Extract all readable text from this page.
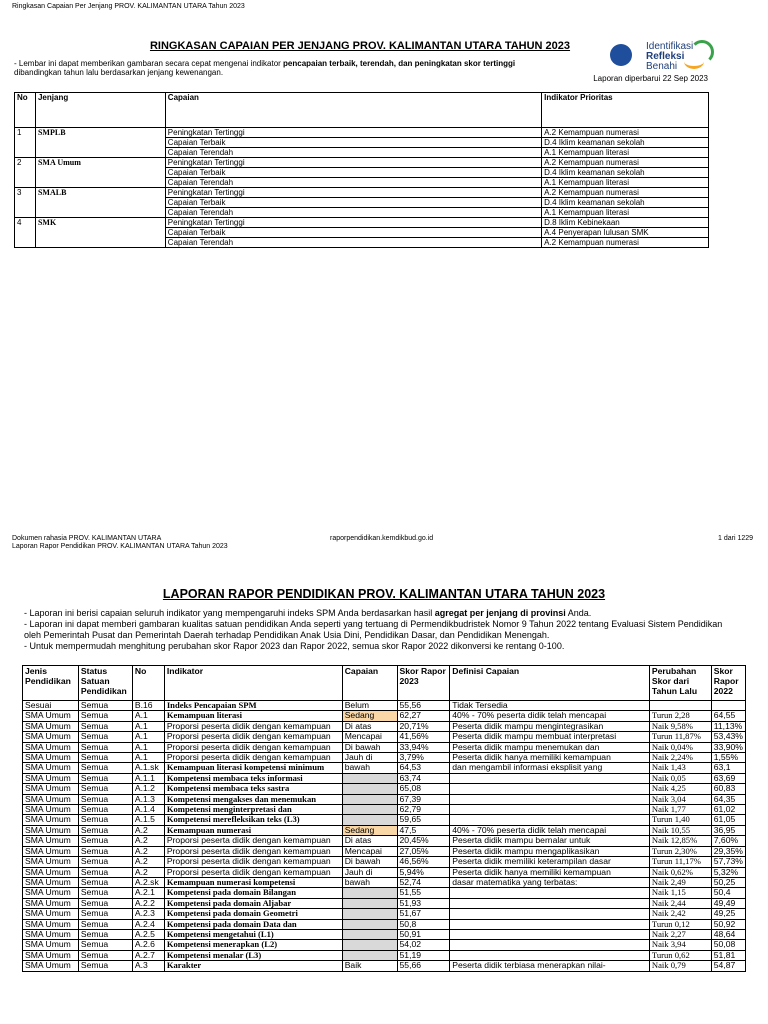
Ringkasan Capaian Per Jenjang PROV. KALIMANTAN UTARA Tahun 2023
RINGKASAN CAPAIAN PER JENJANG PROV. KALIMANTAN UTARA TAHUN 2023
- Lembar ini dapat memberikan gambaran secara cepat mengenai indikator pencapaian terbaik, terendah, dan peningkatan skor tertinggi
dibandingkan tahun lalu berdasarkan jenjang kewenangan.
Identifikasi
Refleksi
Benahi
Laporan diperbarui 22 Sep 2023
No	Jenjang	Capaian	Indikator Prioritas
1	SMPLB	Peningkatan Tertinggi	A.2 Kemampuan numerasi
		Capaian Terbaik	D.4 Iklim keamanan sekolah
		Capaian Terendah	A.1 Kemampuan literasi
2	SMA Umum	Peningkatan Tertinggi	A.2 Kemampuan numerasi
		Capaian Terbaik	D.4 Iklim keamanan sekolah
		Capaian Terendah	A.1 Kemampuan literasi
3	SMALB	Peningkatan Tertinggi	A.2 Kemampuan numerasi
		Capaian Terbaik	D.4 Iklim keamanan sekolah
		Capaian Terendah	A.1 Kemampuan literasi
4	SMK	Peningkatan Tertinggi	D.8 Iklim Kebinekaan
		Capaian Terbaik	A.4 Penyerapan lulusan SMK
		Capaian Terendah	A.2 Kemampuan numerasi
Dokumen rahasia PROV. KALIMANTAN UTARA	raporpendidikan.kemdikbud.go.id	1 dari 1229
Laporan Rapor Pendidikan PROV. KALIMANTAN UTARA Tahun 2023
LAPORAN RAPOR PENDIDIKAN PROV. KALIMANTAN UTARA TAHUN 2023
- Laporan ini berisi capaian seluruh indikator yang mempengaruhi indeks SPM Anda berdasarkan hasil agregat per jenjang di provinsi Anda.
- Laporan ini dapat memberi gambaran kualitas satuan pendidikan Anda seperti yang tertuang di Permendikbudristek Nomor 9 Tahun 2022 tentang Evaluasi Sistem Pendidikan
oleh Pemerintah Pusat dan Pemerintah Daerah terhadap Pendidikan Anak Usia Dini, Pendidikan Dasar, dan Pendidikan Menengah.
- Untuk mempermudah menghitung perubahan skor Rapor 2023 dan Rapor 2022, semua skor Rapor 2022 dikonversi ke rentang 0-100.
Jenis Pendidikan	Status Satuan Pendidikan	No	Indikator	Capaian	Skor Rapor 2023	Definisi Capaian	Perubahan Skor dari Tahun Lalu	Skor Rapor 2022
Sesuai	Semua	B.16	Indeks Pencapaian SPM	Belum	55,56	Tidak Tersedia		
SMA Umum	Semua	A.1	Kemampuan literasi	Sedang	62,27	40% - 70% peserta didik telah mencapai	Turun 2,28	64,55
SMA Umum	Semua	A.1	Proporsi peserta didik dengan kemampuan	Di atas	20,71%	Peserta didik mampu mengintegrasikan	Naik 9,58%	11,13%
SMA Umum	Semua	A.1	Proporsi peserta didik dengan kemampuan	Mencapai	41,56%	Peserta didik mampu membuat interpretasi	Turun 11,87%	53,43%
SMA Umum	Semua	A.1	Proporsi peserta didik dengan kemampuan	Di bawah	33,94%	Peserta didik mampu menemukan dan	Naik 0,04%	33,90%
SMA Umum	Semua	A.1	Proporsi peserta didik dengan kemampuan	Jauh di	3,79%	Peserta didik hanya memiliki kemampuan	Naik 2,24%	1,55%
SMA Umum	Semua	A.1.sk	Kemampuan literasi kompetensi minimum	bawah	64,53	dan mengambil informasi eksplisit yang	Naik 1,43	63,1
SMA Umum	Semua	A.1.1	Kompetensi membaca teks informasi		63,74		Naik 0,05	63,69
SMA Umum	Semua	A.1.2	Kompetensi membaca teks sastra		65,08		Naik 4,25	60,83
SMA Umum	Semua	A.1.3	Kompetensi mengakses dan menemukan		67,39		Naik 3,04	64,35
SMA Umum	Semua	A.1.4	Kompetensi menginterpretasi dan		62,79		Naik 1,77	61,02
SMA Umum	Semua	A.1.5	Kompetensi merefleksikan teks (L3)		59,65		Turun 1,40	61,05
SMA Umum	Semua	A.2	Kemampuan numerasi	Sedang	47,5	40% - 70% peserta didik telah mencapai	Naik 10,55	36,95
SMA Umum	Semua	A.2	Proporsi peserta didik dengan kemampuan	Di atas	20,45%	Peserta didik mampu bernalar untuk	Naik 12,85%	7,60%
SMA Umum	Semua	A.2	Proporsi peserta didik dengan kemampuan	Mencapai	27,05%	Peserta didik mampu mengaplikasikan	Turun 2,30%	29,35%
SMA Umum	Semua	A.2	Proporsi peserta didik dengan kemampuan	Di bawah	46,56%	Peserta didik memiliki keterampilan dasar	Turun 11,17%	57,73%
SMA Umum	Semua	A.2	Proporsi peserta didik dengan kemampuan	Jauh di	5,94%	Peserta didik hanya memiliki kemampuan	Naik 0,62%	5,32%
SMA Umum	Semua	A.2.sk	Kemampuan numerasi kompetensi	bawah	52,74	dasar matematika yang terbatas:	Naik 2,49	50,25
SMA Umum	Semua	A.2.1	Kompetensi pada domain Bilangan		51,55		Naik 1,15	50,4
SMA Umum	Semua	A.2.2	Kompetensi pada domain Aljabar		51,93		Naik 2,44	49,49
SMA Umum	Semua	A.2.3	Kompetensi pada domain Geometri		51,67		Naik 2,42	49,25
SMA Umum	Semua	A.2.4	Kompetensi pada domain Data dan		50,8		Turun 0,12	50,92
SMA Umum	Semua	A.2.5	Kompetensi mengetahui (L1)		50,91		Naik 2,27	48,64
SMA Umum	Semua	A.2.6	Kompetensi menerapkan (L2)		54,02		Naik 3,94	50,08
SMA Umum	Semua	A.2.7	Kompetensi menalar (L3)		51,19		Turun 0,62	51,81
SMA Umum	Semua	A.3	Karakter	Baik	55,66	Peserta didik terbiasa menerapkan nilai-	Naik 0,79	54,87
